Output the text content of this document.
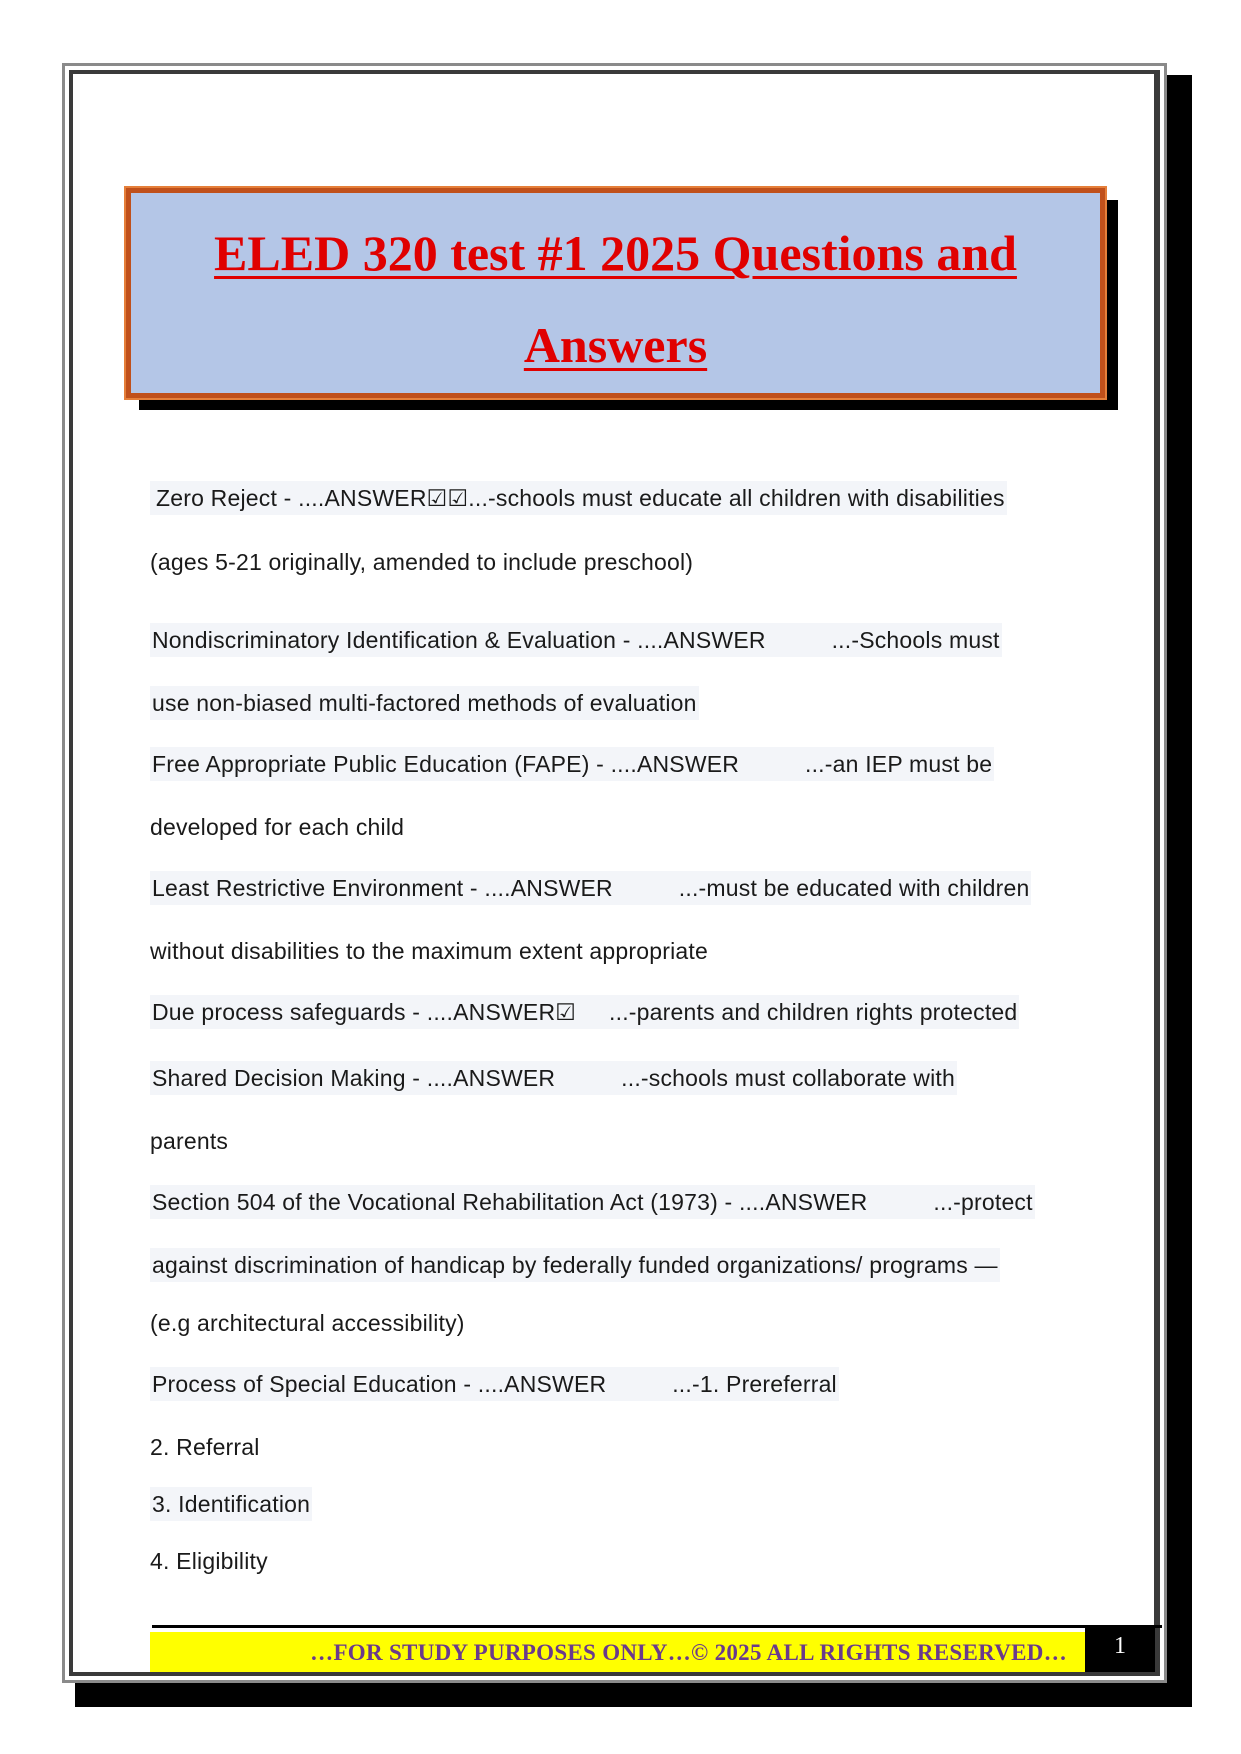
ELED 320 test #1 2025 Questions and
Answers
Zero Reject - ....ANSWER☑☑...-schools must educate all children with disabilities
(ages 5-21 originally, amended to include preschool)
Nondiscriminatory Identification & Evaluation - ....ANSWER          ...-Schools must
use non-biased multi-factored methods of evaluation
Free Appropriate Public Education (FAPE) - ....ANSWER          ...-an IEP must be
developed for each child
Least Restrictive Environment - ....ANSWER          ...-must be educated with children
without disabilities to the maximum extent appropriate
Due process safeguards - ....ANSWER☑     ...-parents and children rights protected
Shared Decision Making - ....ANSWER          ...-schools must collaborate with
parents
Section 504 of the Vocational Rehabilitation Act (1973) - ....ANSWER          ...-protect
against discrimination of handicap by federally funded organizations/ programs —
(e.g architectural accessibility)
Process of Special Education - ....ANSWER          ...-1. Prereferral
2. Referral
3. Identification
4. Eligibility
…FOR STUDY PURPOSES ONLY…© 2025 ALL RIGHTS RESERVED…	1
